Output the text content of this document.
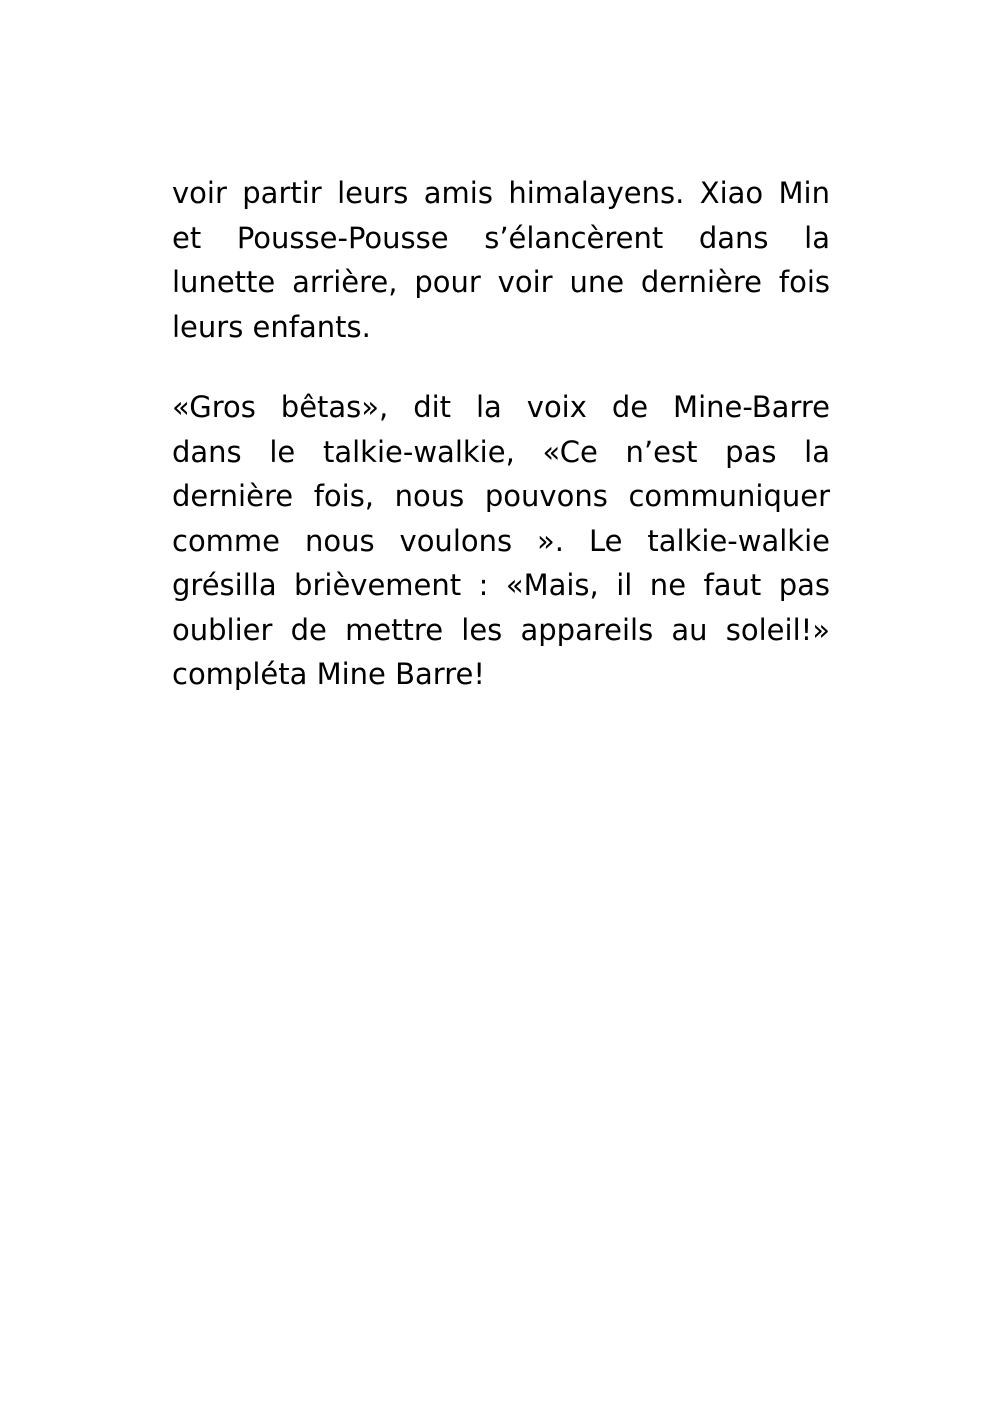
voir partir leurs amis himalayens. Xiao Min
et Pousse-Pousse s’élancèrent dans la
lunette arrière, pour voir une dernière fois
leurs enfants.

«Gros bêtas», dit la voix de Mine-Barre
dans le talkie-walkie, «Ce n’est pas la
dernière fois, nous pouvons communiquer
comme nous voulons ». Le talkie-walkie
grésilla brièvement : «Mais, il ne faut pas
oublier de mettre les appareils au soleil!»
compléta Mine Barre!
